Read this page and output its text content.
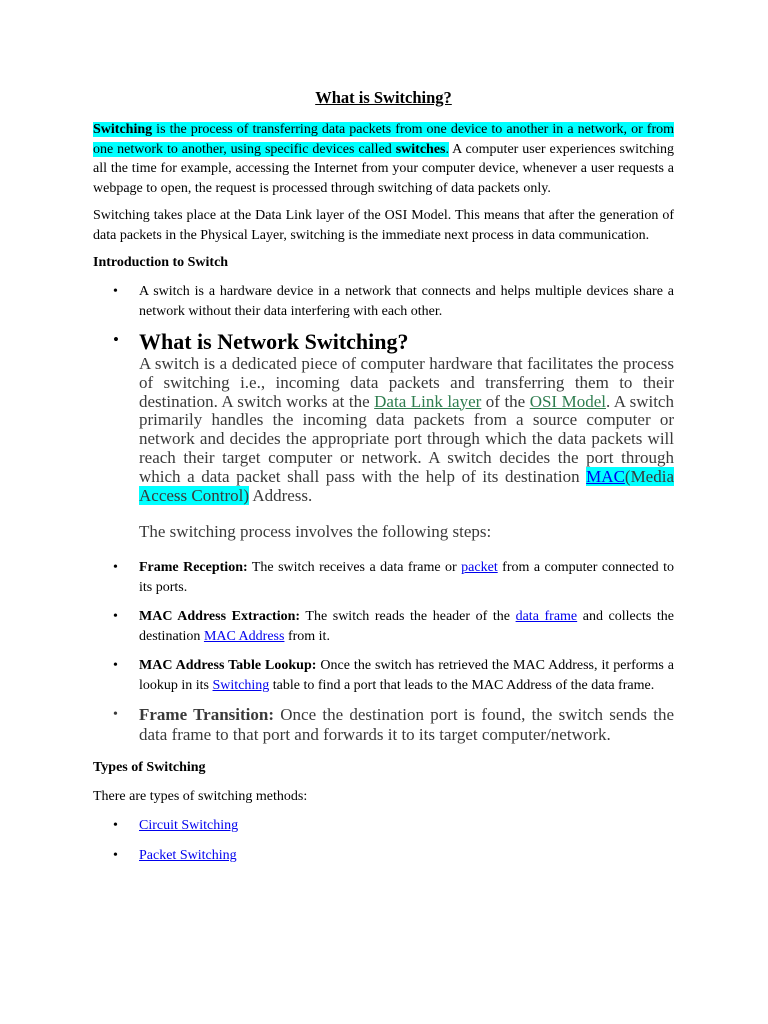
What is Switching?

Switching is the process of transferring data packets from one device to another in a network, or from one network to another, using specific devices called switches. A computer user experiences switching all the time for example, accessing the Internet from your computer device, whenever a user requests a webpage to open, the request is processed through switching of data packets only.

Switching takes place at the Data Link layer of the OSI Model. This means that after the generation of data packets in the Physical Layer, switching is the immediate next process in data communication.

Introduction to Switch
• A switch is a hardware device in a network that connects and helps multiple devices share a network without their data interfering with each other.
• What is Network Switching?

A switch is a dedicated piece of computer hardware that facilitates the process of switching i.e., incoming data packets and transferring them to their destination. A switch works at the Data Link layer of the OSI Model. A switch primarily handles the incoming data packets from a source computer or network and decides the appropriate port through which the data packets will reach their target computer or network. A switch decides the port through which a data packet shall pass with the help of its destination MAC(Media Access Control) Address.

The switching process involves the following steps:

• Frame Reception: The switch receives a data frame or packet from a computer connected to its ports.
• MAC Address Extraction: The switch reads the header of the data frame and collects the destination MAC Address from it.
• MAC Address Table Lookup: Once the switch has retrieved the MAC Address, it performs a lookup in its Switching table to find a port that leads to the MAC Address of the data frame.
• Frame Transition: Once the destination port is found, the switch sends the data frame to that port and forwards it to its target computer/network.
Types of Switching

There are types of switching methods:

• Circuit Switching
• Packet Switching
